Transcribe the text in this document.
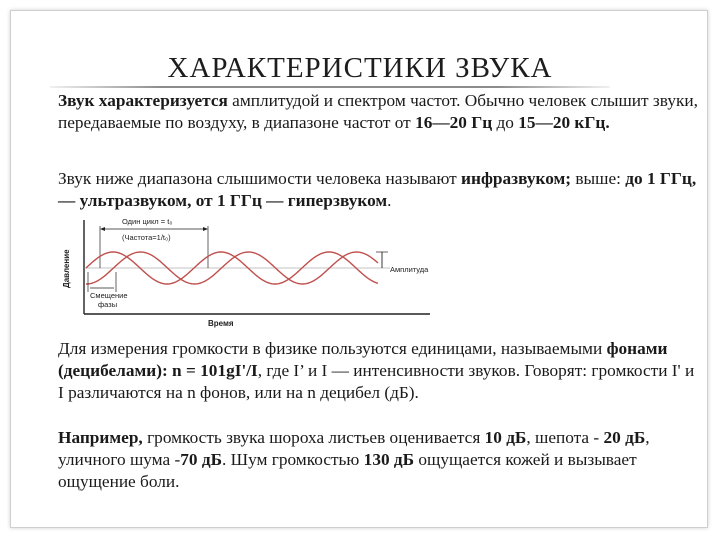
ХАРАКТЕРИСТИКИ ЗВУКА

Звук характеризуется амплитудой и спектром частот. Обычно человек слышит звуки, передаваемые по воздуху, в диапазоне частот от 16—20 Гц до 15—20 кГц.

Звук ниже диапазона слышимости человека называют инфразвуком; выше: до 1 ГГц, — ультразвуком, от 1 ГГц — гиперзвуком.

Давление
Время
Один цикл = t₀
(Частота=1/t₀)
Амплитуда
Смещение
фазы

Для измерения громкости в физике пользуются единицами, называемыми фонами (децибелами): n = 101gI'/I, где I’ и I — интенсивности звуков. Говорят: громкости I' и I различаются на n фонов, или на n децибел (дБ).

Например, громкость звука шороха листьев оценивается 10 дБ, шепота - 20 дБ, уличного шума -70 дБ. Шум громкостью 130 дБ ощущается кожей и вызывает ощущение боли.
